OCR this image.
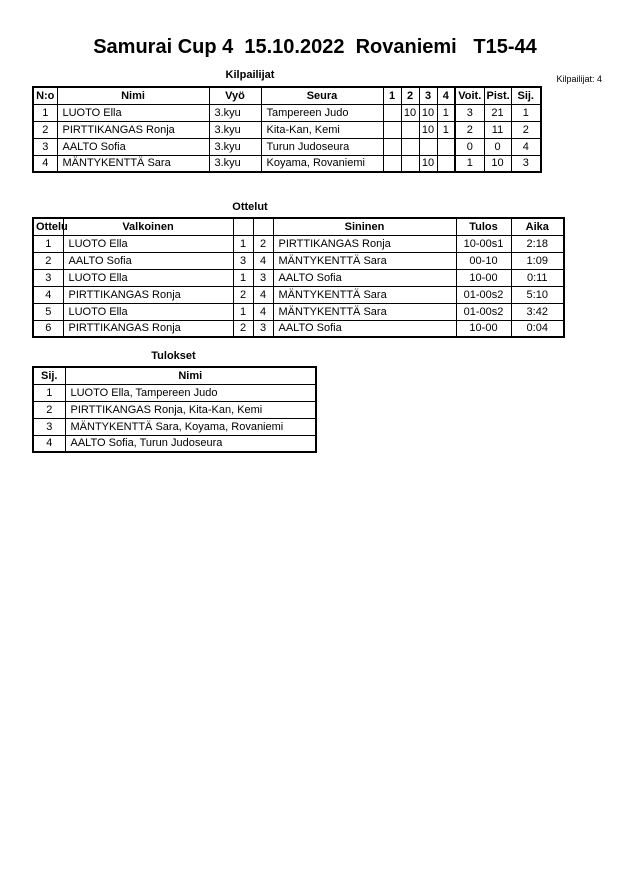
Samurai Cup 4  15.10.2022  Rovaniemi   T15-44
Kilpailijat	Kilpailijat: 4
N:o	Nimi	Vyö	Seura	1	2	3	4	Voit.	Pist.	Sij.
1	LUOTO Ella	3.kyu	Tampereen Judo		10	10	1	3	21	1
2	PIRTTIKANGAS Ronja	3.kyu	Kita-Kan, Kemi			10	1	2	11	2
3	AALTO Sofia	3.kyu	Turun Judoseura					0	0	4
4	MÄNTYKENTTÄ Sara	3.kyu	Koyama, Rovaniemi			10		1	10	3
Ottelut
Ottelu	Valkoinen			Sininen	Tulos	Aika
1	LUOTO Ella	1	2	PIRTTIKANGAS Ronja	10-00s1	2:18
2	AALTO Sofia	3	4	MÄNTYKENTTÄ Sara	00-10	1:09
3	LUOTO Ella	1	3	AALTO Sofia	10-00	0:11
4	PIRTTIKANGAS Ronja	2	4	MÄNTYKENTTÄ Sara	01-00s2	5:10
5	LUOTO Ella	1	4	MÄNTYKENTTÄ Sara	01-00s2	3:42
6	PIRTTIKANGAS Ronja	2	3	AALTO Sofia	10-00	0:04
Tulokset
Sij.	Nimi
1	LUOTO Ella, Tampereen Judo
2	PIRTTIKANGAS Ronja, Kita-Kan, Kemi
3	MÄNTYKENTTÄ Sara, Koyama, Rovaniemi
4	AALTO Sofia, Turun Judoseura
